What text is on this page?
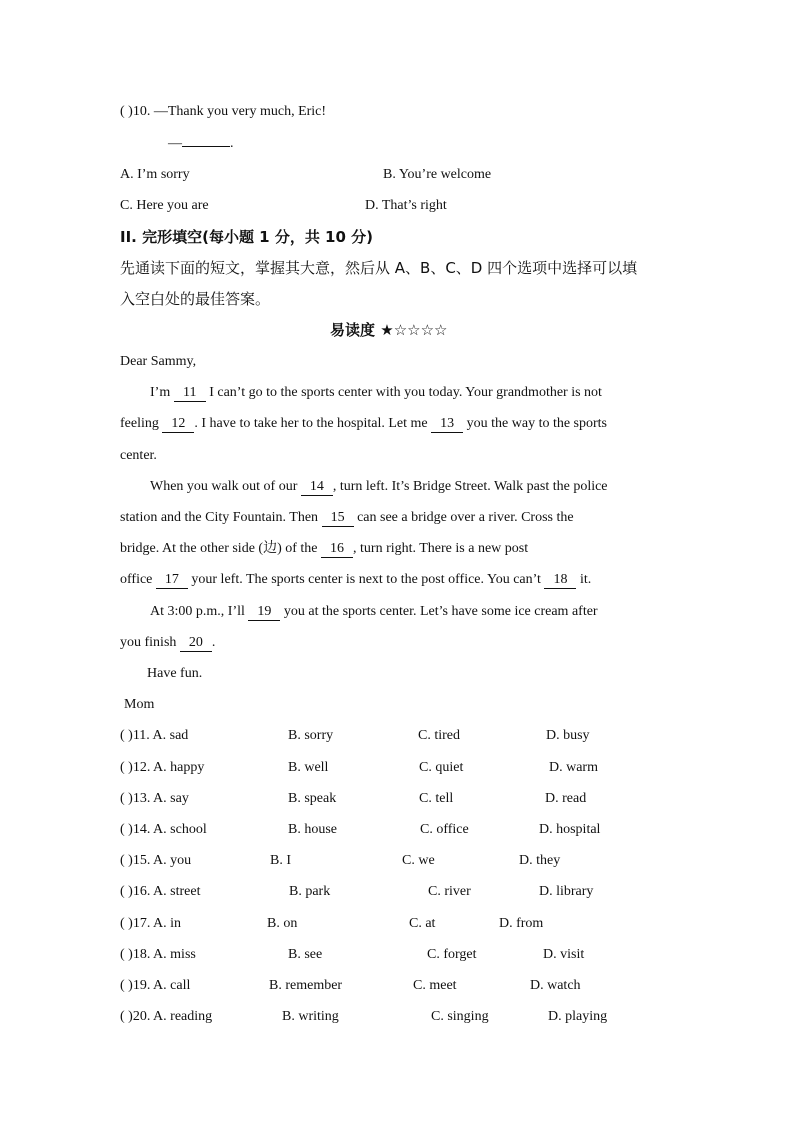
( )10. —Thank you very much, Eric!
—	.
A. I’m sorry	B. You’re welcome
C. Here you are	D. That’s right
II. 完形填空(每小题 1 分，共 10 分)
先通读下面的短文，掌握其大意，然后从 A、B、C、D 四个选项中选择可以填
入空白处的最佳答案。
易读度 ★☆☆☆☆
Dear Sammy,
I’m 11 I can’t go to the sports center with you today. Your grandmother is not
feeling 12 . I have to take her to the hospital. Let me 13 you the way to the sports
center.
When you walk out of our 14 , turn left. It’s Bridge Street. Walk past the police
station and the City Fountain. Then 15 can see a bridge over a river. Cross the
bridge. At the other side (边) of the 16 , turn right. There is a new post
office 17 your left. The sports center is next to the post office. You can’t 18 it.
At 3:00 p.m., I’ll 19 you at the sports center. Let’s have some ice cream after
you finish 20 .
Have fun.
Mom
( )11. A. sad	B. sorry	C. tired	D. busy
( )12. A. happy	B. well	C. quiet	D. warm
( )13. A. say	B. speak	C. tell	D. read
( )14. A. school	B. house	C. office	D. hospital
( )15. A. you	B. I	C. we	D. they
( )16. A. street	B. park	C. river	D. library
( )17. A. in	B. on	C. at	D. from
( )18. A. miss	B. see	C. forget	D. visit
( )19. A. call	B. remember	C. meet	D. watch
( )20. A. reading	B. writing	C. singing	D. playing
